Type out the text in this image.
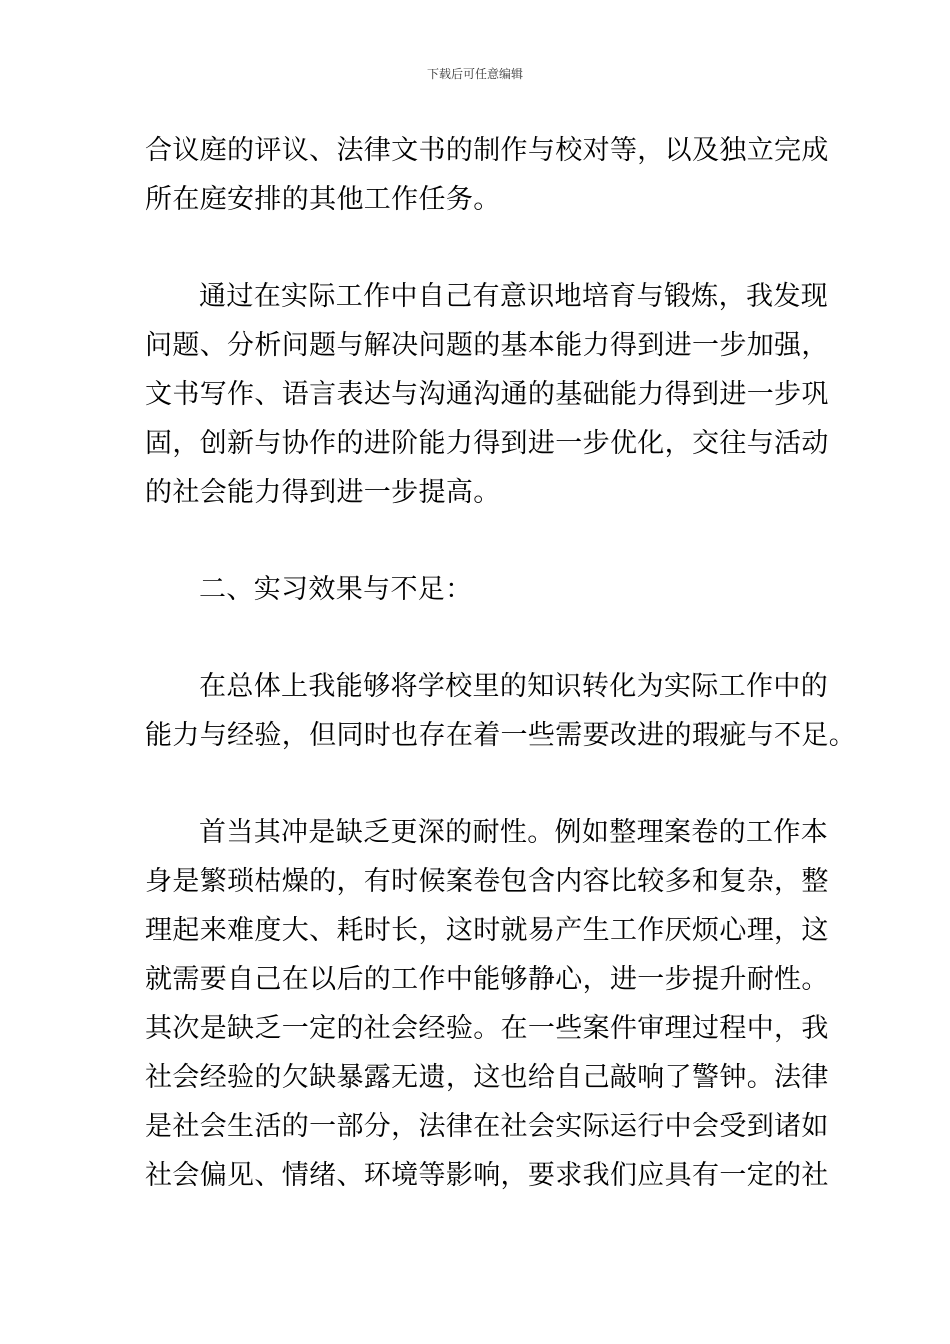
下载后可任意编辑
合议庭的评议、法律文书的制作与校对等，以及独立完成
所在庭安排的其他工作任务。
通过在实际工作中自己有意识地培育与锻炼，我发现
问题、分析问题与解决问题的基本能力得到进一步加强，
文书写作、语言表达与沟通沟通的基础能力得到进一步巩
固，创新与协作的进阶能力得到进一步优化，交往与活动
的社会能力得到进一步提高。
二、实习效果与不足：
在总体上我能够将学校里的知识转化为实际工作中的
能力与经验，但同时也存在着一些需要改进的瑕疵与不足。
首当其冲是缺乏更深的耐性。例如整理案卷的工作本
身是繁琐枯燥的，有时候案卷包含内容比较多和复杂，整
理起来难度大、耗时长，这时就易产生工作厌烦心理，这
就需要自己在以后的工作中能够静心，进一步提升耐性。
其次是缺乏一定的社会经验。在一些案件审理过程中，我
社会经验的欠缺暴露无遗，这也给自己敲响了警钟。法律
是社会生活的一部分，法律在社会实际运行中会受到诸如
社会偏见、情绪、环境等影响，要求我们应具有一定的社
